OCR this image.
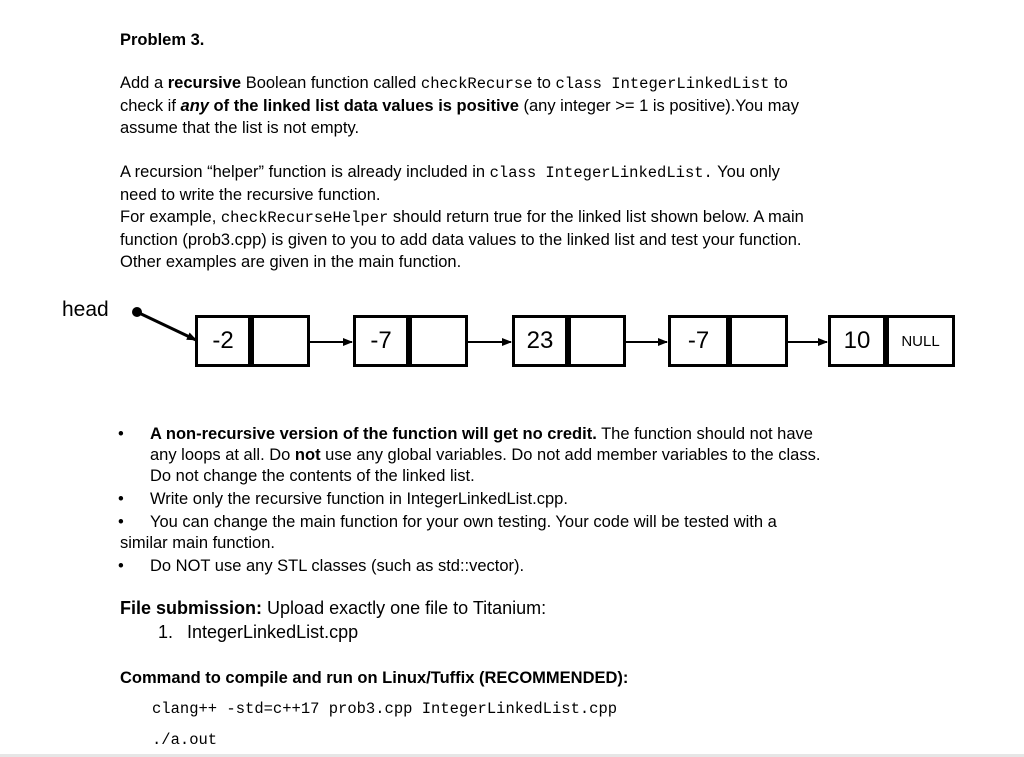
Problem 3.
Add a recursive Boolean function called checkRecurse to class IntegerLinkedList to
check if any of the linked list data values is positive (any integer >= 1 is positive).You may
assume that the list is not empty.
A recursion “helper” function is already included in class IntegerLinkedList. You only
need to write the recursive function.
For example, checkRecurseHelper should return true for the linked list shown below. A main
function (prob3.cpp) is given to you to add data values to the linked list and test your function.
Other examples are given in the main function.
head
-2	-7	23	-7	10	NULL
• A non-recursive version of the function will get no credit. The function should not have
any loops at all. Do not use any global variables. Do not add member variables to the class.
Do not change the contents of the linked list.
• Write only the recursive function in IntegerLinkedList.cpp.
• You can change the main function for your own testing. Your code will be tested with a
similar main function.
• Do NOT use any STL classes (such as std::vector).
File submission: Upload exactly one file to Titanium:
1. IntegerLinkedList.cpp
Command to compile and run on Linux/Tuffix (RECOMMENDED):
clang++ -std=c++17 prob3.cpp IntegerLinkedList.cpp
./a.out
